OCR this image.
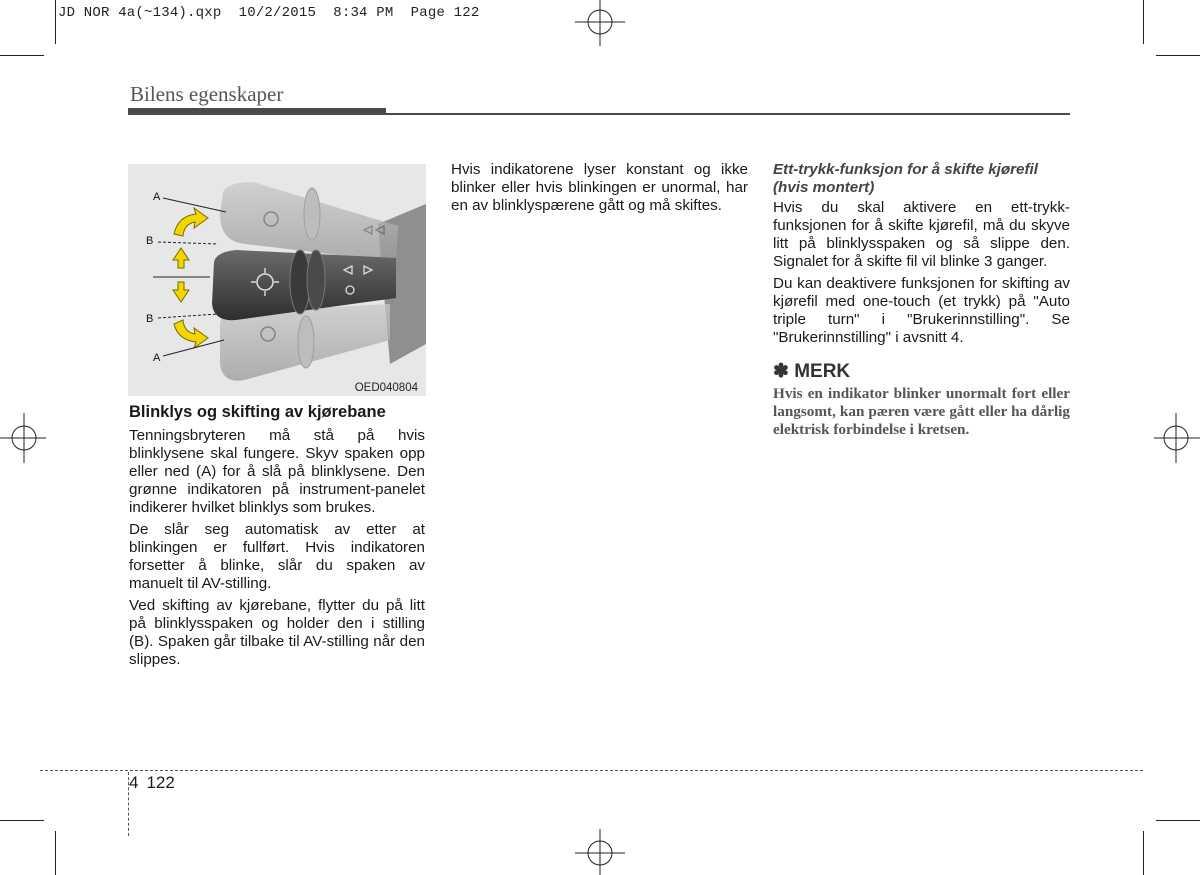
JD NOR 4a(~134).qxp  10/2/2015  8:34 PM  Page 122
Bilens egenskaper
A
B
B
A
OED040804
Blinklys og skifting av kjørebane

Tenningsbryteren må stå på hvis blinklysene skal fungere. Skyv spaken opp eller ned (A) for å slå på blinklysene. Den grønne indikatoren på instrument-panelet indikerer hvilket blinklys som brukes.

De slår seg automatisk av etter at blinkingen er fullført. Hvis indikatoren forsetter å blinke, slår du spaken av manuelt til AV-stilling.

Ved skifting av kjørebane, flytter du på litt på blinklysspaken og holder den i stilling (B). Spaken går tilbake til AV-stilling når den slippes.

Hvis indikatorene lyser konstant og ikke blinker eller hvis blinkingen er unormal, har en av blinklyspærene gått og må skiftes.

Ett-trykk-funksjon for å skifte kjørefil (hvis montert)

Hvis du skal aktivere en ett-trykk-funksjonen for å skifte kjørefil, må du skyve litt på blinklysspaken og så slippe den. Signalet for å skifte fil vil blinke 3 ganger.

Du kan deaktivere funksjonen for skifting av kjørefil med one-touch (et trykk) på "Auto triple turn" i "Brukerinnstilling". Se "Brukerinnstilling" i avsnitt 4.

✽ MERK
Hvis en indikator blinker unormalt fort eller langsomt, kan pæren være gått eller ha dårlig elektrisk forbindelse i kretsen.
4 122
